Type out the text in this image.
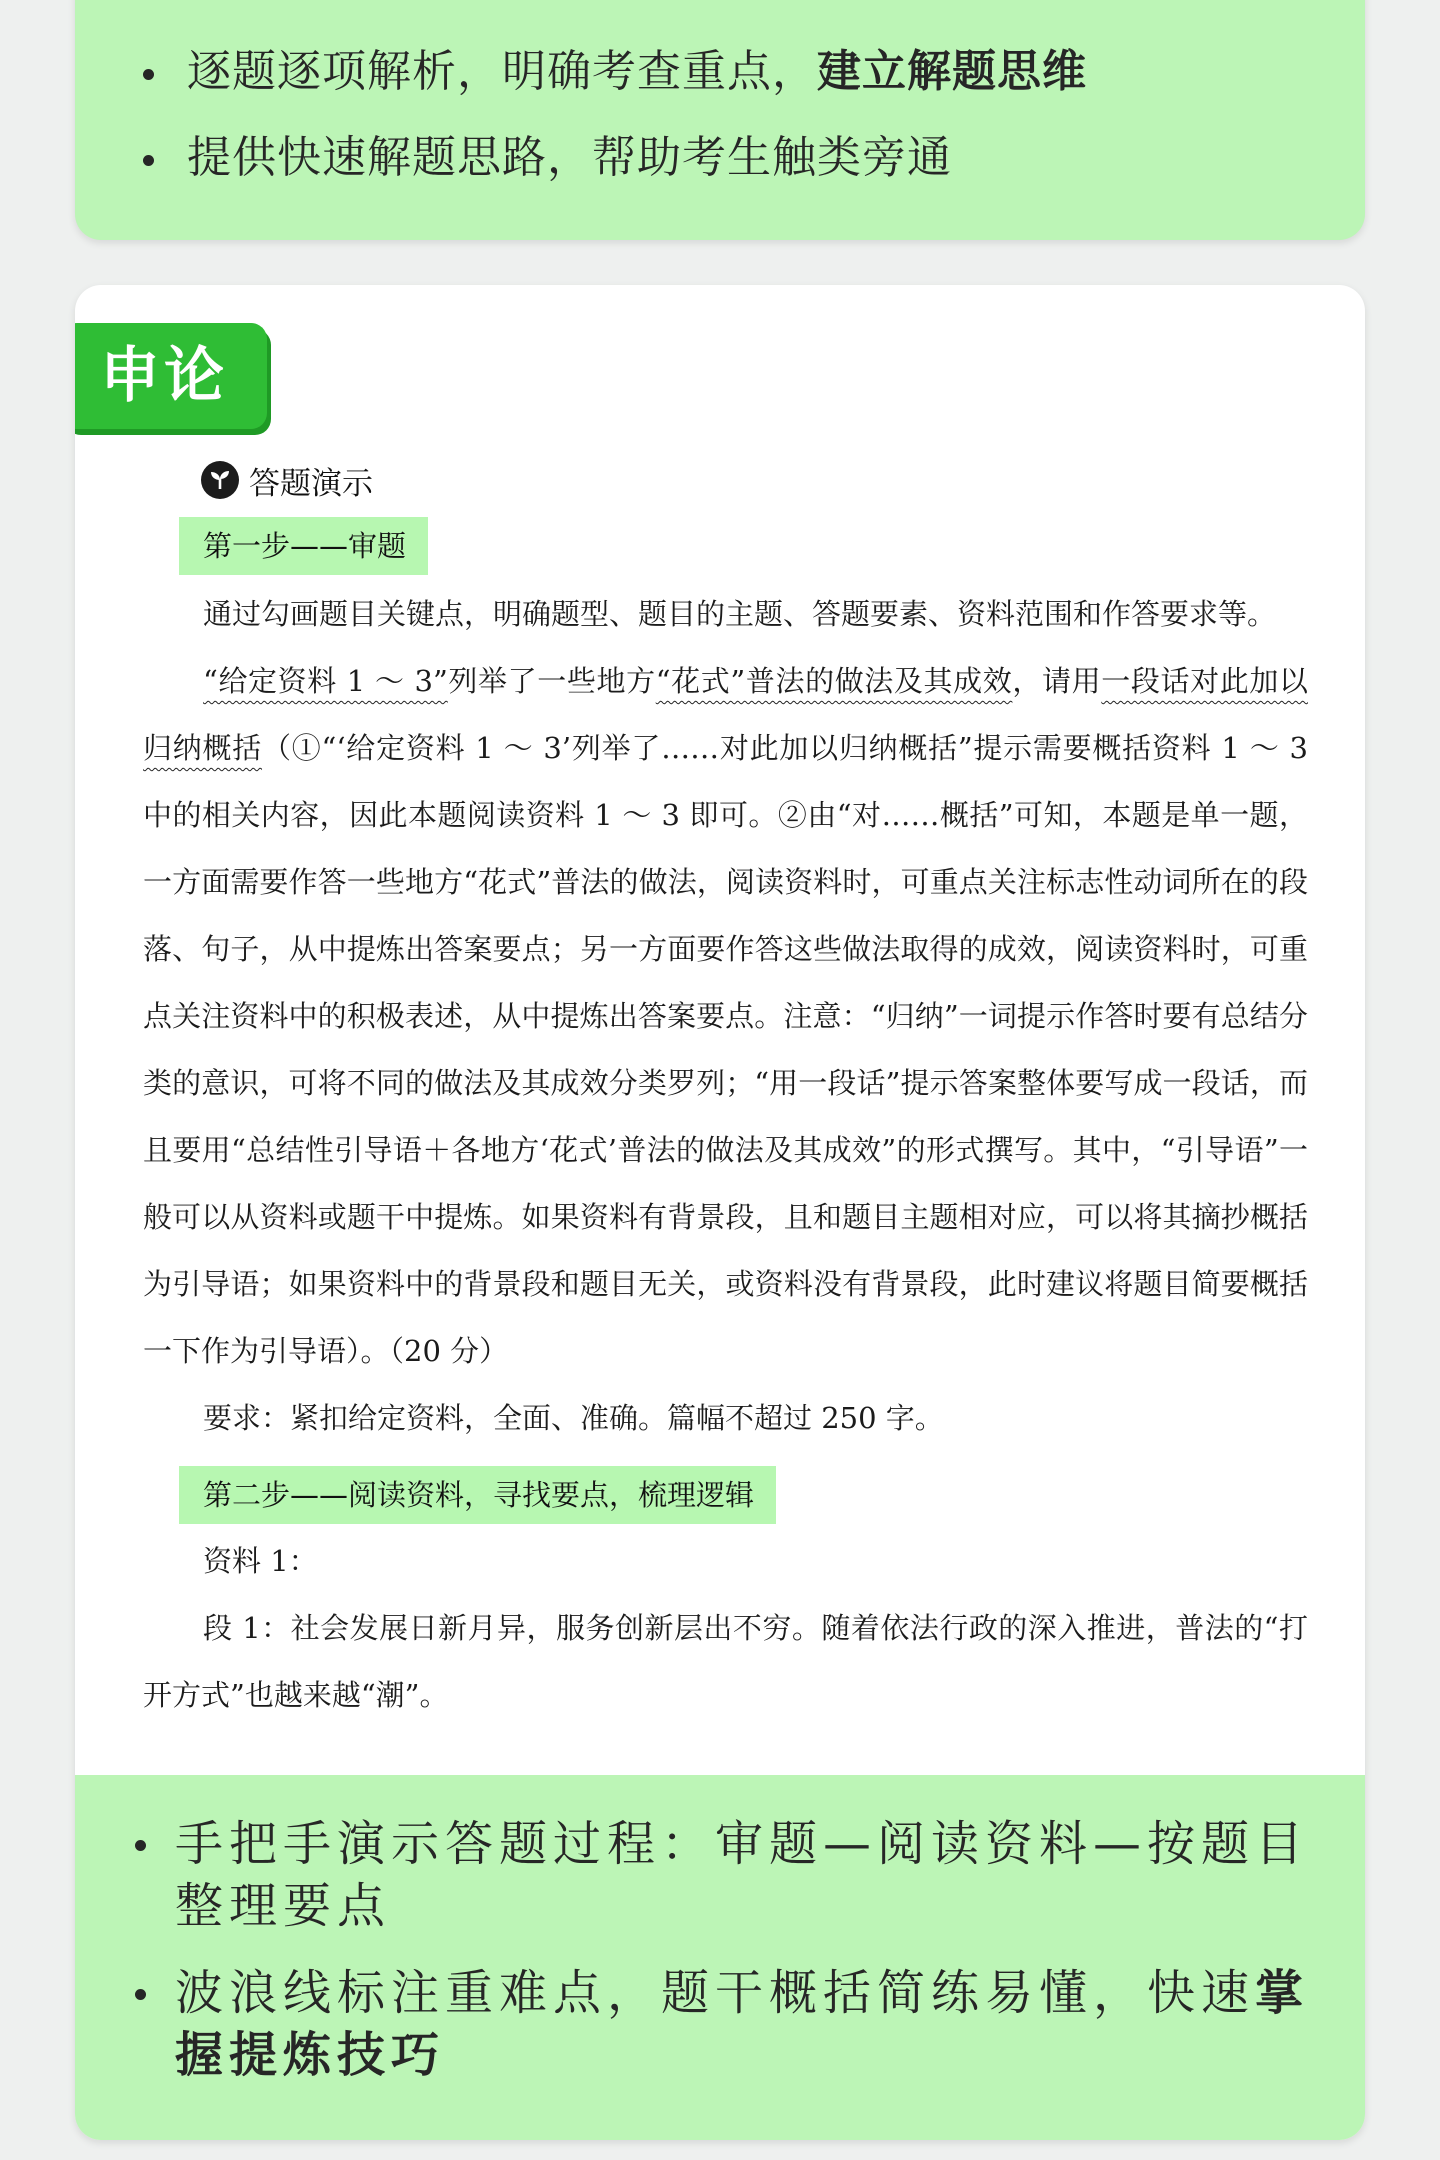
逐题逐项解析，明确考查重点，建立解题思维
提供快速解题思路，帮助考生触类旁通
申论
答题演示
第一步——审题

通过勾画题目关键点，明确题型、题目的主题、答题要素、资料范围和作答要求等。

“给定资料 1 ～ 3”列举了一些地方“花式”普法的做法及其成效，请用一段话对此加以归纳概括（①“‘给定资料 1 ～ 3’列举了……对此加以归纳概括”提示需要概括资料 1 ～ 3 中的相关内容，因此本题阅读资料 1 ～ 3 即可。②由“对……概括”可知，本题是单一题，一方面需要作答一些地方“花式”普法的做法，阅读资料时，可重点关注标志性动词所在的段落、句子，从中提炼出答案要点；另一方面要作答这些做法取得的成效，阅读资料时，可重点关注资料中的积极表述，从中提炼出答案要点。注意：“归纳”一词提示作答时要有总结分类的意识，可将不同的做法及其成效分类罗列；“用一段话”提示答案整体要写成一段话，而且要用“总结性引导语＋各地方‘花式’普法的做法及其成效”的形式撰写。其中，“引导语”一般可以从资料或题干中提炼。如果资料有背景段，且和题目主题相对应，可以将其摘抄概括为引导语；如果资料中的背景段和题目无关，或资料没有背景段，此时建议将题目简要概括一下作为引导语）。（20 分）

要求：紧扣给定资料，全面、准确。篇幅不超过 250 字。

第二步——阅读资料，寻找要点，梳理逻辑

资料 1：

段 1：社会发展日新月异，服务创新层出不穷。随着依法行政的深入推进，普法的“打开方式”也越来越“潮”。

手把手演示答题过程：审题—阅读资料—按题目整理要点
波浪线标注重难点，题干概括简练易懂，快速掌握提炼技巧
